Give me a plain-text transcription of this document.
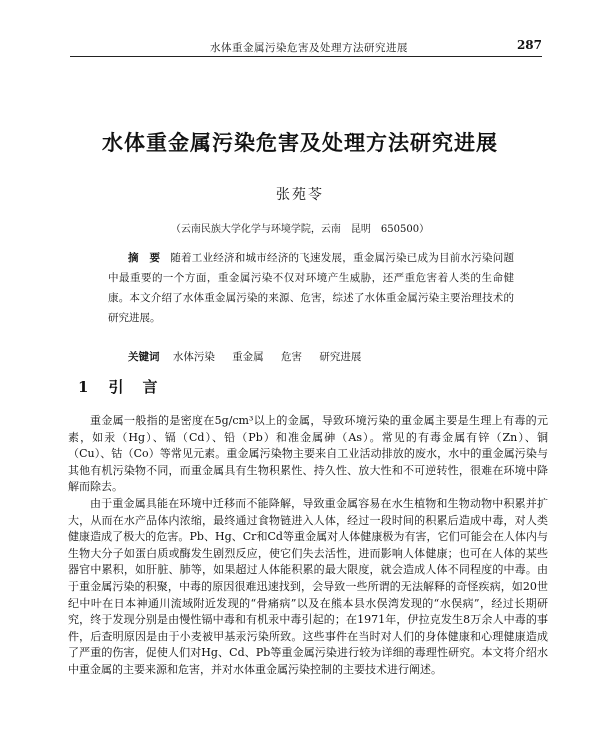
水体重金属污染危害及处理方法研究进展	287
水体重金属污染危害及处理方法研究进展
张苑苓
（云南民族大学化学与环境学院，云南　昆明　650500）
摘　要 随着工业经济和城市经济的飞速发展，重金属污染已成为目前水污染问题中最重要的一个方面，重金属污染不仅对环境产生威胁，还严重危害着人类的生命健康。本文介绍了水体重金属污染的来源、危害，综述了水体重金属污染主要治理技术的研究进展。
关键词 水体污染 重金属 危害 研究进展
1 引　言

重金属一般指的是密度在5g/cm³以上的金属，导致环境污染的重金属主要是生理上有毒的元素，如汞（Hg）、镉（Cd）、铅（Pb）和准金属砷（As）。常见的有毒金属有锌（Zn）、铜（Cu）、钴（Co）等常见元素。重金属污染物主要来自工业活动排放的废水，水中的重金属污染与其他有机污染物不同，而重金属具有生物积累性、持久性、放大性和不可逆转性，很难在环境中降解而除去。

由于重金属具能在环境中迁移而不能降解，导致重金属容易在水生植物和生物动物中积累并扩大，从而在水产品体内浓缩，最终通过食物链进入人体，经过一段时间的积累后造成中毒，对人类健康造成了极大的危害。Pb、Hg、Cr和Cd等重金属对人体健康极为有害，它们可能会在人体内与生物大分子如蛋白质或酶发生剧烈反应，使它们失去活性，进而影响人体健康；也可在人体的某些器官中累积，如肝脏、肺等，如果超过人体能积累的最大限度，就会造成人体不同程度的中毒。由于重金属污染的积聚，中毒的原因很难迅速找到，会导致一些所谓的无法解释的奇怪疾病，如20世纪中叶在日本神通川流域附近发现的“骨痛病”以及在熊本县水俣湾发现的“水俣病”，经过长期研究，终于发现分别是由慢性镉中毒和有机汞中毒引起的；在1971年，伊拉克发生8万余人中毒的事件，后查明原因是由于小麦被甲基汞污染所致。这些事件在当时对人们的身体健康和心理健康造成了严重的伤害，促使人们对Hg、Cd、Pb等重金属污染进行较为详细的毒理性研究。本文将介绍水中重金属的主要来源和危害，并对水体重金属污染控制的主要技术进行阐述。
